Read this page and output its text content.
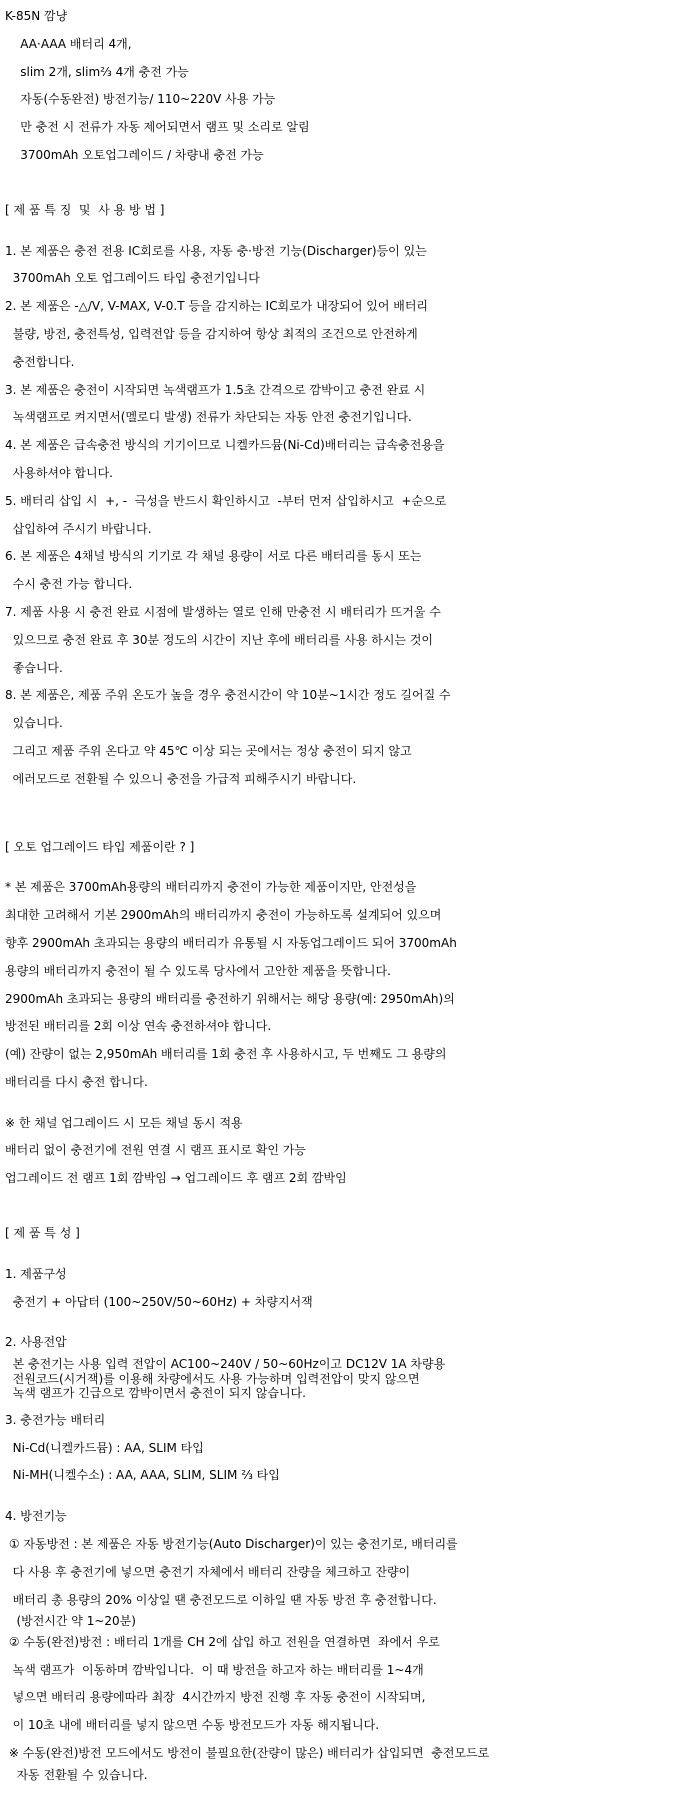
K-85N 깜냥
AA·AAA 배터리 4개,
slim 2개, slim⅔ 4개 충전 가능
자동(수동완전) 방전기능/ 110~220V 사용 가능
만 충전 시 전류가 자동 제어되면서 램프 및 소리로 알림
3700mAh 오토업그레이드 / 차량내 충전 가능
[ 제 품 특 징  및  사 용 방 법 ]
1. 본 제품은 충전 전용 IC회로를 사용, 자동 충·방전 기능(Discharger)등이 있는
3700mAh 오토 업그레이드 타입 충전기입니다
2. 본 제품은 -△/V, V-MAX, V-0.T 등을 감지하는 IC회로가 내장되어 있어 배터리
불량, 방전, 충전특성, 입력전압 등을 감지하여 항상 최적의 조건으로 안전하게
충전합니다.
3. 본 제품은 충전이 시작되면 녹색램프가 1.5초 간격으로 깜박이고 충전 완료 시
녹색램프로 켜지면서(멜로디 발생) 전류가 차단되는 자동 안전 충전기입니다.
4. 본 제품은 급속충전 방식의 기기이므로 니켈카드뮴(Ni-Cd)배터리는 급속충전용을
사용하셔야 합니다.
5. 배터리 삽입 시  +, -  극성을 반드시 확인하시고  -부터 먼저 삽입하시고  +순으로
삽입하여 주시기 바랍니다.
6. 본 제품은 4채널 방식의 기기로 각 채널 용량이 서로 다른 배터리를 동시 또는
수시 충전 가능 합니다.
7. 제품 사용 시 충전 완료 시점에 발생하는 열로 인해 만충전 시 배터리가 뜨거울 수
있으므로 충전 완료 후 30분 정도의 시간이 지난 후에 배터리를 사용 하시는 것이
좋습니다.
8. 본 제품은, 제품 주위 온도가 높을 경우 충전시간이 약 10분~1시간 정도 길어질 수
있습니다.
그리고 제품 주위 온다고 약 45℃ 이상 되는 곳에서는 정상 충전이 되지 않고
에러모드로 전환될 수 있으니 충전을 가급적 피해주시기 바랍니다.
[ 오토 업그레이드 타입 제품이란 ? ]
* 본 제품은 3700mAh용량의 배터리까지 충전이 가능한 제품이지만, 안전성을
최대한 고려해서 기본 2900mAh의 배터리까지 충전이 가능하도록 설계되어 있으며
향후 2900mAh 초과되는 용량의 배터리가 유통될 시 자동업그레이드 되어 3700mAh
용량의 배터리까지 충전이 될 수 있도록 당사에서 고안한 제품을 뜻합니다.
2900mAh 초과되는 용량의 배터리를 충전하기 위해서는 해당 용량(예: 2950mAh)의
방전된 배터리를 2회 이상 연속 충전하셔야 합니다.
(예) 잔량이 없는 2,950mAh 배터리를 1회 충전 후 사용하시고, 두 번째도 그 용량의
배터리를 다시 충전 합니다.
※ 한 채널 업그레이드 시 모든 채널 동시 적용
배터리 없이 충전기에 전원 연결 시 램프 표시로 확인 가능
업그레이드 전 램프 1회 깜박임 → 업그레이드 후 램프 2회 깜박임
[ 제 품 특 성 ]
1. 제품구성
충전기 + 아답터 (100~250V/50~60Hz) + 차량지서잭
2. 사용전압
본 충전기는 사용 입력 전압이 AC100~240V / 50~60Hz이고 DC12V 1A 차량용
전원코드(시거잭)를 이용해 차량에서도 사용 가능하며 입력전압이 맞지 않으면
녹색 램프가 긴급으로 깜박이면서 충전이 되지 않습니다.
3. 충전가능 배터리
Ni-Cd(니켈카드뮴) : AA, SLIM 타입
Ni-MH(니켈수소) : AA, AAA, SLIM, SLIM ⅔ 타입
4. 방전기능
① 자동방전 : 본 제품은 자동 방전기능(Auto Discharger)이 있는 충전기로, 배터리를
다 사용 후 충전기에 넣으면 충전기 자체에서 배터리 잔량을 체크하고 잔량이
배터리 총 용량의 20% 이상일 땐 충전모드로 이하일 땐 자동 방전 후 충전합니다.
(방전시간 약 1~20분)
② 수동(완전)방전 : 배터리 1개를 CH 2에 삽입 하고 전원을 연결하면  좌에서 우로
녹색 램프가  이동하며 깜박입니다.  이 때 방전을 하고자 하는 배터리를 1~4개
넣으면 배터리 용량에따라 최장  4시간까지 방전 진행 후 자동 충전이 시작되며,
이 10초 내에 배터리를 넣지 않으면 수동 방전모드가 자동 해지됩니다.
※ 수동(완전)방전 모드에서도 방전이 불필요한(잔량이 많은) 배터리가 삽입되면  충전모드로
자동 전환될 수 있습니다.
